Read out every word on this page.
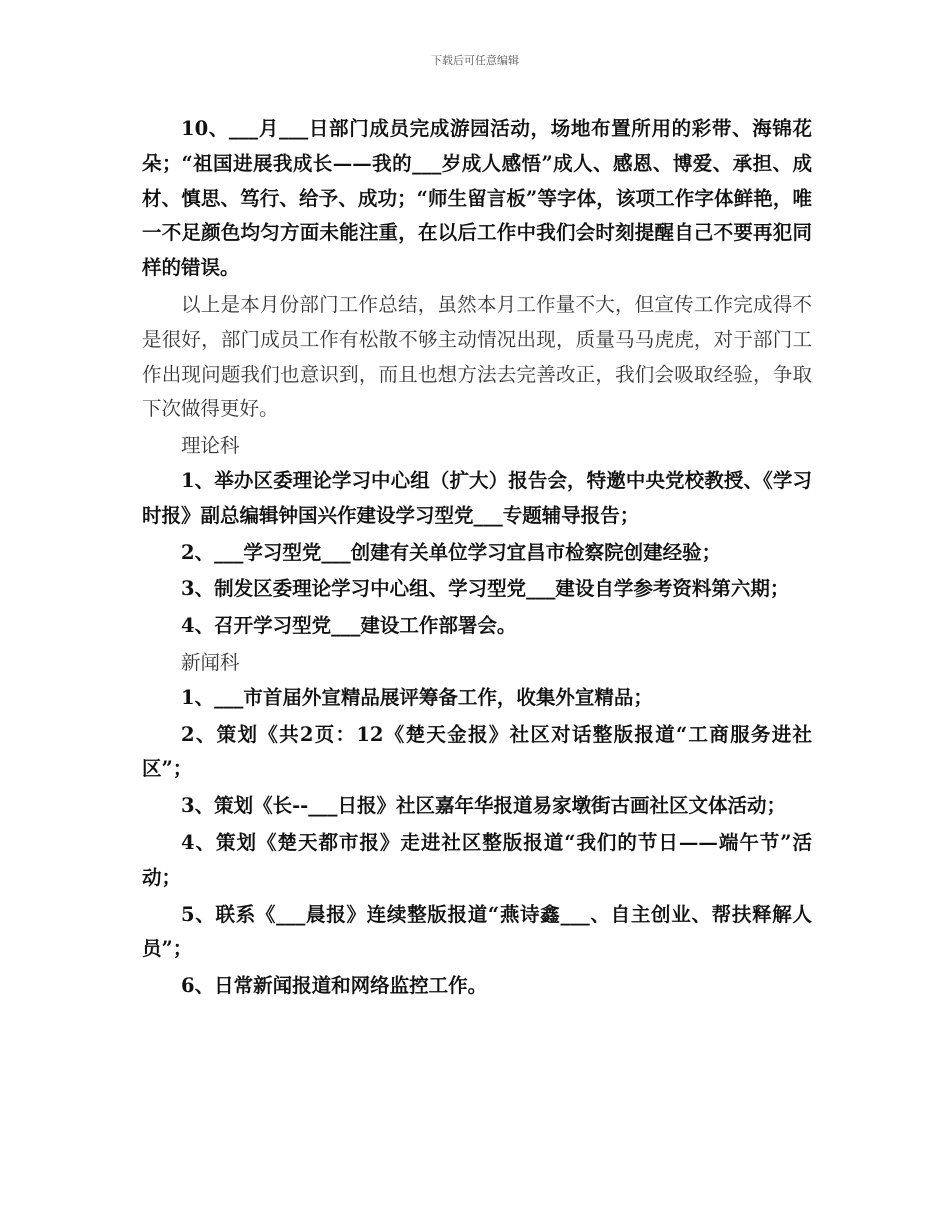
下载后可任意编辑

10、___月___日部门成员完成游园活动，场地布置所用的彩带、海锦花朵；“祖国进展我成长——我的___岁成人感悟”成人、感恩、博爱、承担、成材、慎思、笃行、给予、成功；“师生留言板”等字体，该项工作字体鲜艳，唯一不足颜色均匀方面未能注重，在以后工作中我们会时刻提醒自己不要再犯同样的错误。

以上是本月份部门工作总结，虽然本月工作量不大，但宣传工作完成得不是很好，部门成员工作有松散不够主动情况出现，质量马马虎虎，对于部门工作出现问题我们也意识到，而且也想方法去完善改正，我们会吸取经验，争取下次做得更好。

理论科

1、举办区委理论学习中心组（扩大）报告会，特邀中央党校教授、《学习时报》副总编辑钟国兴作建设学习型党___专题辅导报告；

2、___学习型党___创建有关单位学习宜昌市检察院创建经验；

3、制发区委理论学习中心组、学习型党___建设自学参考资料第六期；

4、召开学习型党___建设工作部署会。

新闻科

1、___市首届外宣精品展评筹备工作，收集外宣精品；

2、策划《共2页：12《楚天金报》社区对话整版报道“工商服务进社区”；

3、策划《长--___日报》社区嘉年华报道易家墩街古画社区文体活动；

4、策划《楚天都市报》走进社区整版报道“我们的节日——端午节”活动；

5、联系《___晨报》连续整版报道“燕诗鑫___、自主创业、帮扶释解人员”；

6、日常新闻报道和网络监控工作。
